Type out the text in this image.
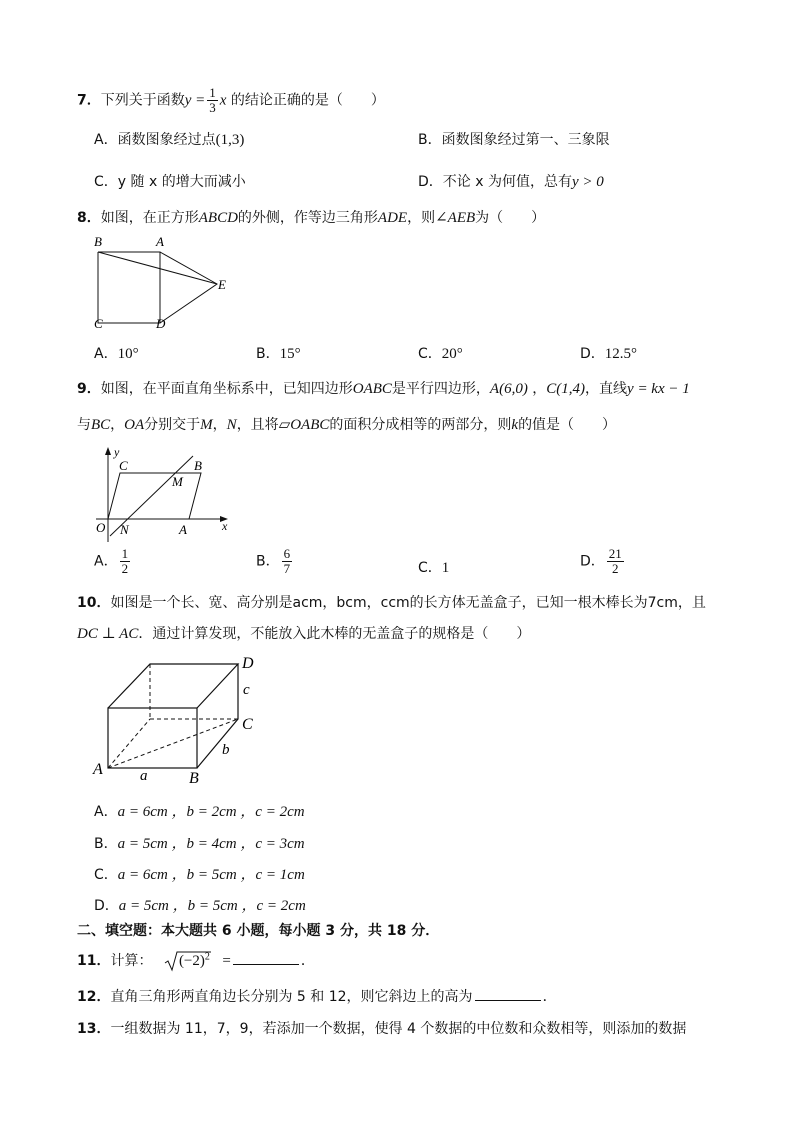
7．下列关于函数$y = \frac{1}{3}$ x 的结论正确的是（　　）
A．函数图象经过点(1,3)	B．函数图象经过第一、三象限
C．y 随 x 的增大而减小	D．不论 x 为何值，总有y > 0
8．如图，在正方形ABCD的外侧，作等边三角形ADE，则∠AEB为（　　）
B	A
C	D
E
A．10°	B．15°	C．20°	D．12.5°
9．如图，在平面直角坐标系中，已知四边形OABC是平行四边形，A(6,0) ，C(1,4)，直线y = kx − 1
与BC，OA分别交于M，N，且将▱OABC的面积分成相等的两部分，则k的值是（　　）
y
x
O N	A
C	B
M
A． $\frac{1}{2}$	B． $\frac{6}{7}$	C．1	D． $\frac{21}{2}$
10．如图是一个长、宽、高分别是acm，bcm，ccm的长方体无盖盒子，已知一根木棒长为7cm，且
DC ⊥ AC．通过计算发现，不能放入此木棒的无盖盒子的规格是（　　）
D
c
C
b
A a	B
A．a = 6cm ，b = 2cm ，c = 2cm
B．a = 5cm ，b = 4cm ，c = 3cm
C．a = 6cm ，b = 5cm ，c = 1cm
D．a = 5cm ，b = 5cm ，c = 2cm
二、填空题：本大题共 6 小题，每小题 3 分，共 18 分．
11．计算： $(-2)^2$ =	．
12．直角三角形两直角边长分别为 5 和 12，则它斜边上的高为	．
13．一组数据为 11，7，9，若添加一个数据，使得 4 个数据的中位数和众数相等，则添加的数据
